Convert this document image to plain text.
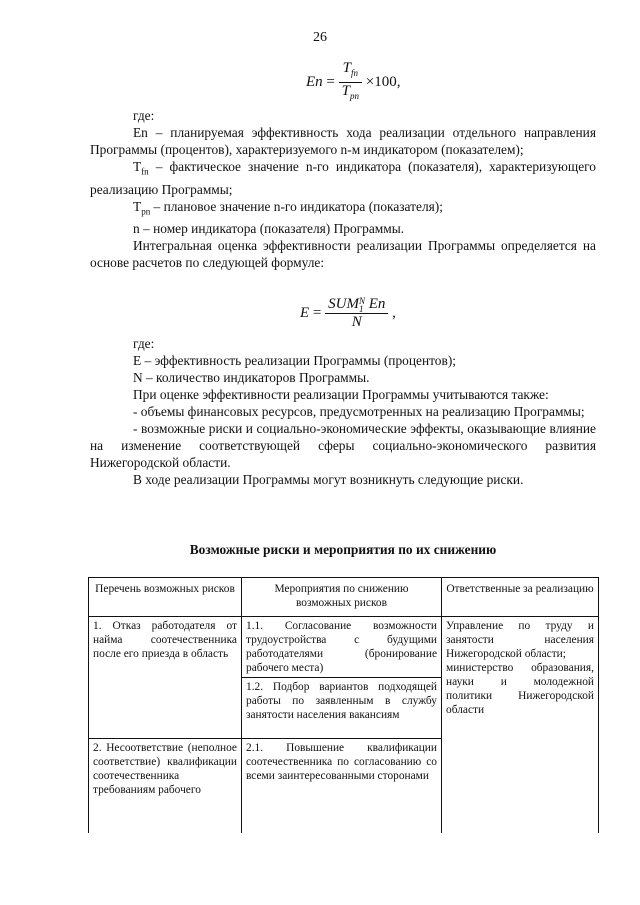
26
$En = \frac{T_{fn}}{T_{pn}} \times 100$,

где:

En – планируемая эффективность хода реализации отдельного направления Программы (процентов), характеризуемого n-м индикатором (показателем);

$T_{fn}$ – фактическое значение n-го индикатора (показателя), характеризующего реализацию Программы;

$T_{pn}$ – плановое значение n-го индикатора (показателя);

n – номер индикатора (показателя) Программы.

Интегральная оценка эффективности реализации Программы определяется на основе расчетов по следующей формуле:

E = SUM N
1 En
N ,

где:

E – эффективность реализации Программы (процентов);

N – количество индикаторов Программы.

При оценке эффективности реализации Программы учитываются также:

- объемы финансовых ресурсов, предусмотренных на реализацию Программы;

- возможные риски и социально-экономические эффекты, оказывающие влияние на изменение соответствующей сферы социально-экономического развития Нижегородской области.

В ходе реализации Программы могут возникнуть следующие риски.

Возможные риски и мероприятия по их снижению
Перечень возможных рисков	Мероприятия по снижению возможных рисков	Ответственные за реализацию
1. Отказ работодателя от найма соотечественника после его приезда в область	1.1. Согласование возможности трудоустройства с будущими работодателями (бронирование рабочего места)	Управление по труду и занятости населения Нижегородской области;
министерство образования, науки и молодежной политики Нижегородской области

	1.2. Подбор вариантов подходящей работы по заявленным в службу занятости населения вакансиям	
2. Несоответствие (неполное соответствие) квалификации соотечественника требованиям рабочего	2.1. Повышение квалификации соотечественника по согласованию со всеми заинтересованными сторонами	
